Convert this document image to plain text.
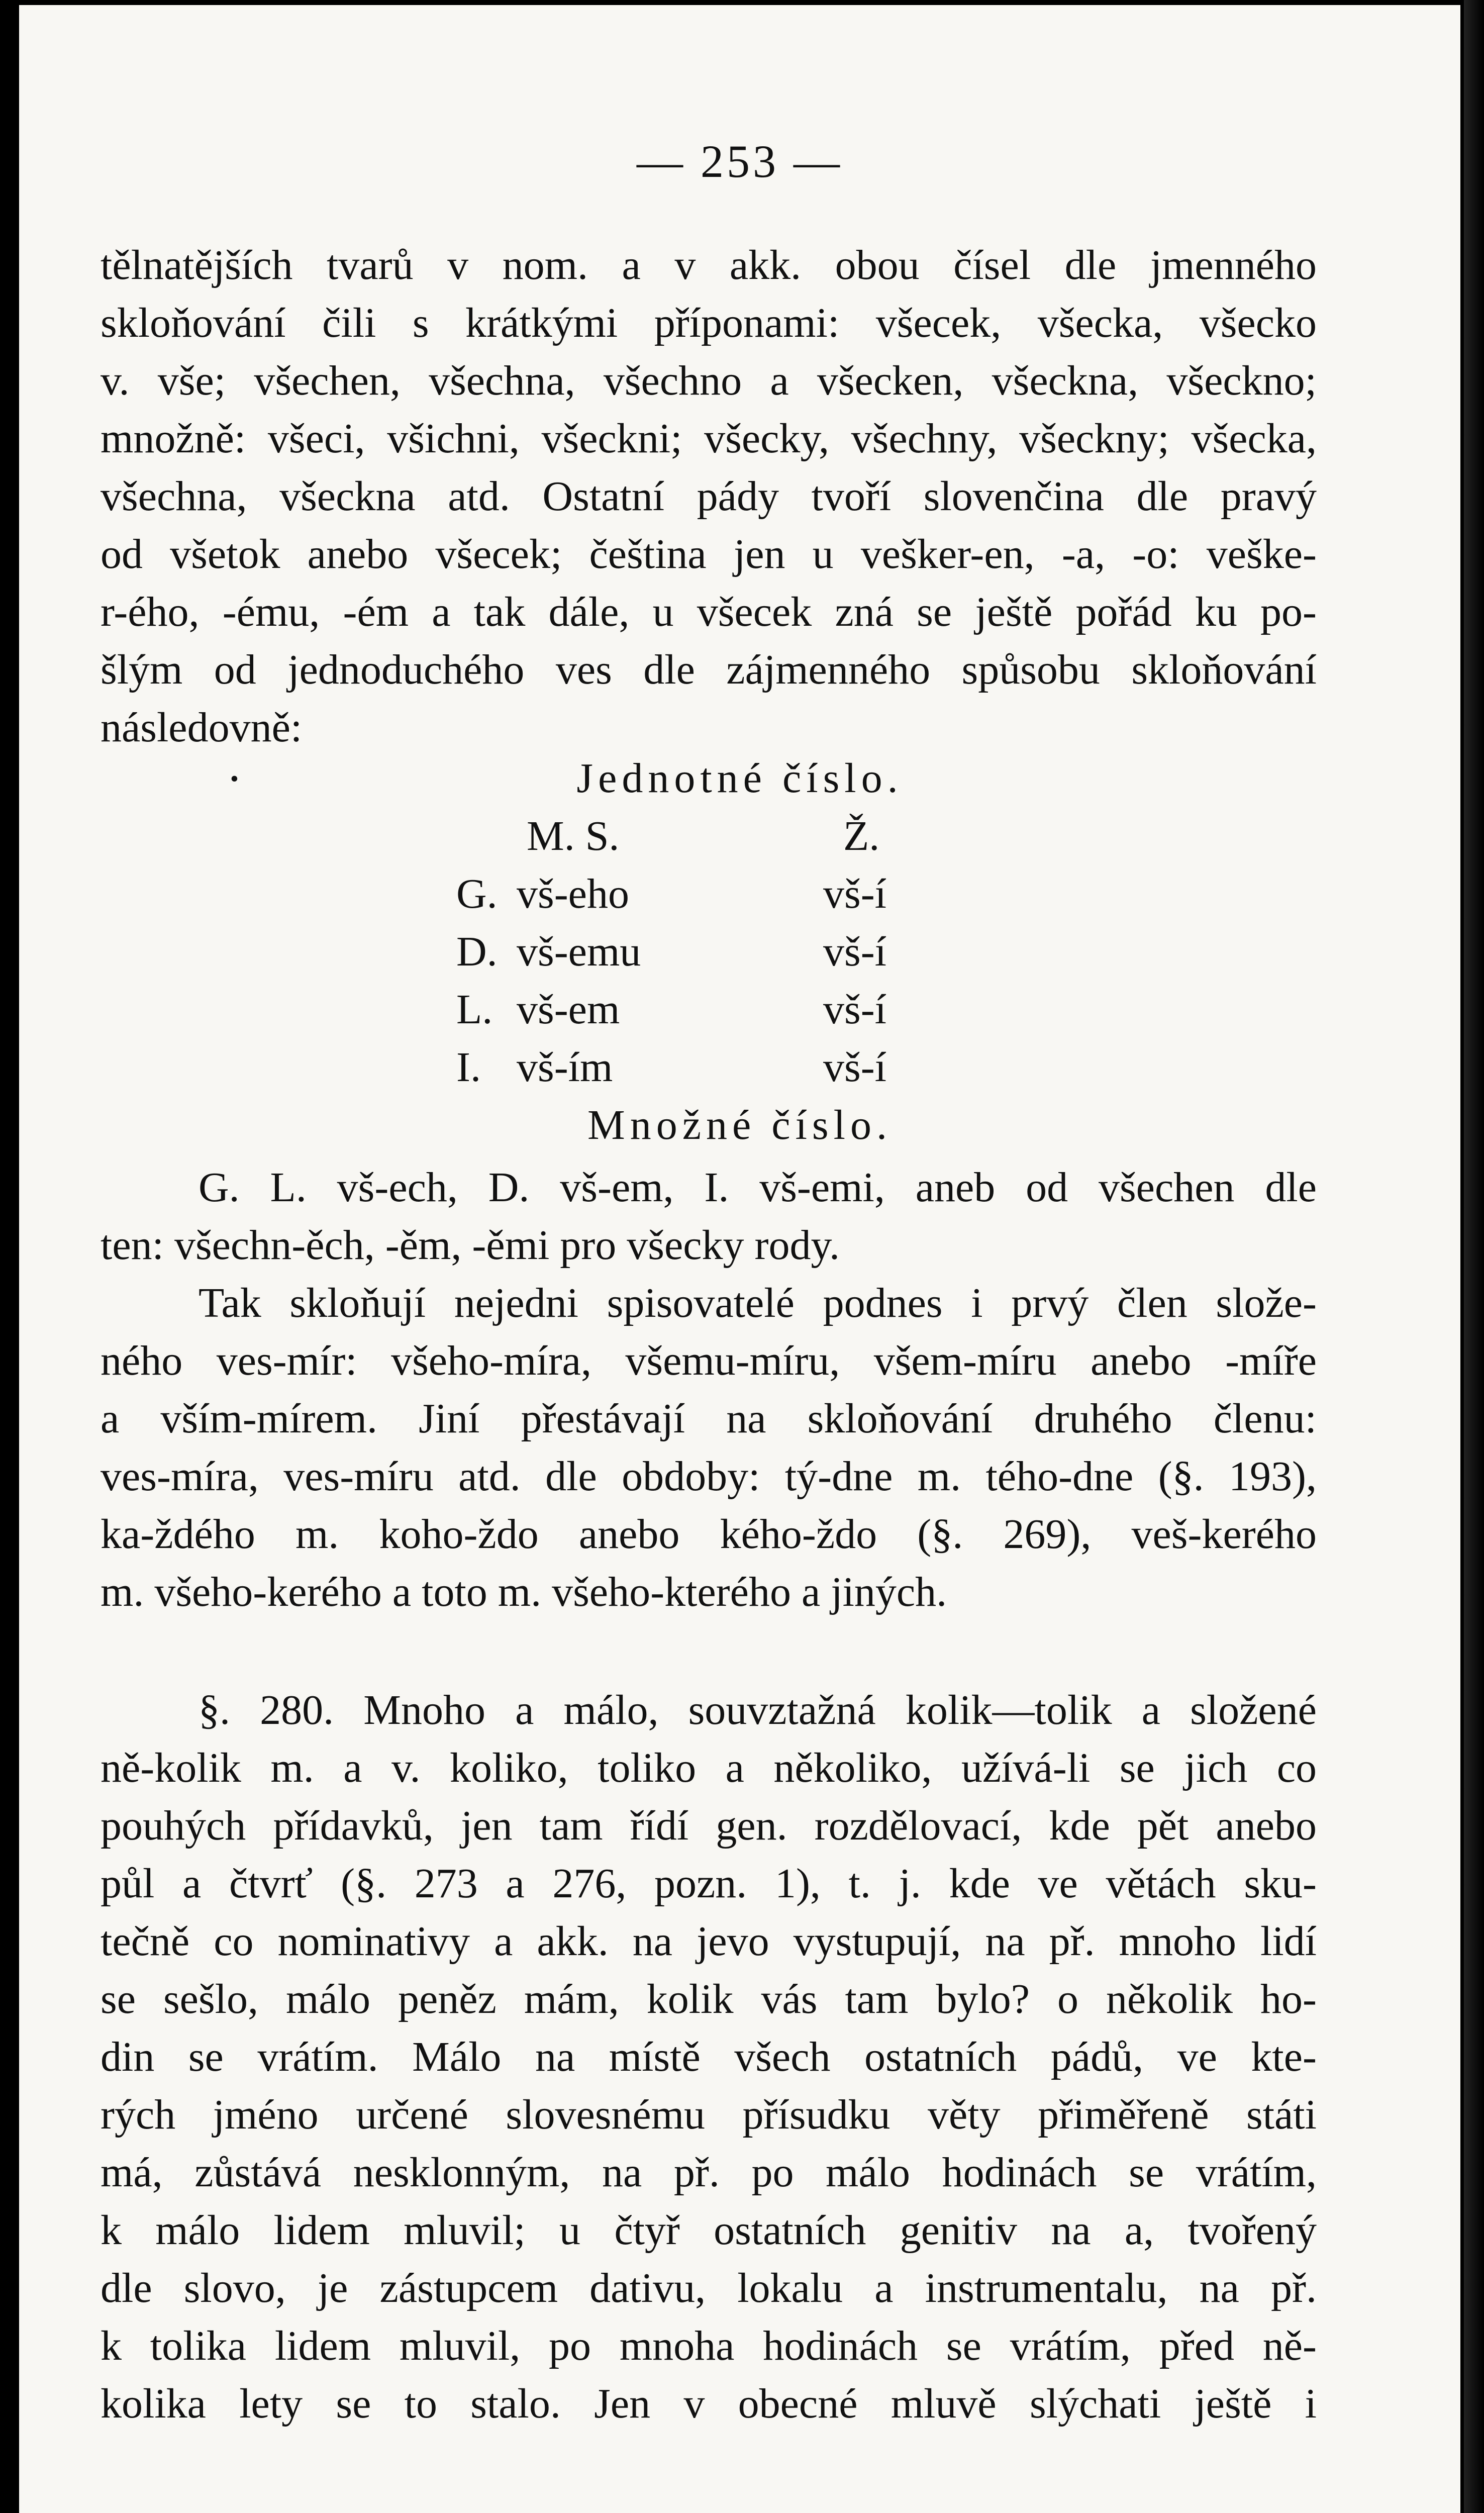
— 253 —
tělnatějších tvarů v nom. a v akk. obou čísel dle jmenného
skloňování čili s krátkými příponami: všecek, všecka, všecko
v. vše; všechen, všechna, všechno a všecken, všeckna, všeckno;
množně: všeci, všichni, všeckni; všecky, všechny, všeckny; všecka,
všechna, všeckna atd. Ostatní pády tvoří slovenčina dle pravý
od všetok anebo všecek; čeština jen u vešker-en, -a, -o: veške-
r-ého, -ému, -ém a tak dále, u všecek zná se ještě pořád ku po-
šlým od jednoduchého ves dle zájmenného spůsobu skloňování
následovně:
•	Jednotné číslo.
M. S.	Ž.
G. vš-eho	vš-í
D. vš-emu	vš-í
L. vš-em	vš-í
I. vš-ím	vš-í
Množné číslo.
G. L. vš-ech, D. vš-em, I. vš-emi, aneb od všechen dle
ten: všechn-ěch, -ěm, -ěmi pro všecky rody.
Tak skloňují nejedni spisovatelé podnes i prvý člen slože-
ného ves-mír: všeho-míra, všemu-míru, všem-míru anebo -míře
a vším-mírem. Jiní přestávají na skloňování druhého členu:
ves-míra, ves-míru atd. dle obdoby: tý-dne m. tého-dne (§. 193),
ka-ždého m. koho-ždo anebo kého-ždo (§. 269), veš-kerého
m. všeho-kerého a toto m. všeho-kterého a jiných.
§. 280. Mnoho a málo, souvztažná kolik—tolik a složené
ně-kolik m. a v. koliko, toliko a několiko, užívá-li se jich co
pouhých přídavků, jen tam řídí gen. rozdělovací, kde pět anebo
půl a čtvrť (§. 273 a 276, pozn. 1), t. j. kde ve větách sku-
tečně co nominativy a akk. na jevo vystupují, na př. mnoho lidí
se sešlo, málo peněz mám, kolik vás tam bylo? o několik ho-
din se vrátím. Málo na místě všech ostatních pádů, ve kte-
rých jméno určené slovesnému přísudku věty přiměřeně státi
má, zůstává nesklonným, na př. po málo hodinách se vrátím,
k málo lidem mluvil; u čtyř ostatních genitiv na a, tvořený
dle slovo, je zástupcem dativu, lokalu a instrumentalu, na př.
k tolika lidem mluvil, po mnoha hodinách se vrátím, před ně-
kolika lety se to stalo. Jen v obecné mluvě slýchati ještě i
